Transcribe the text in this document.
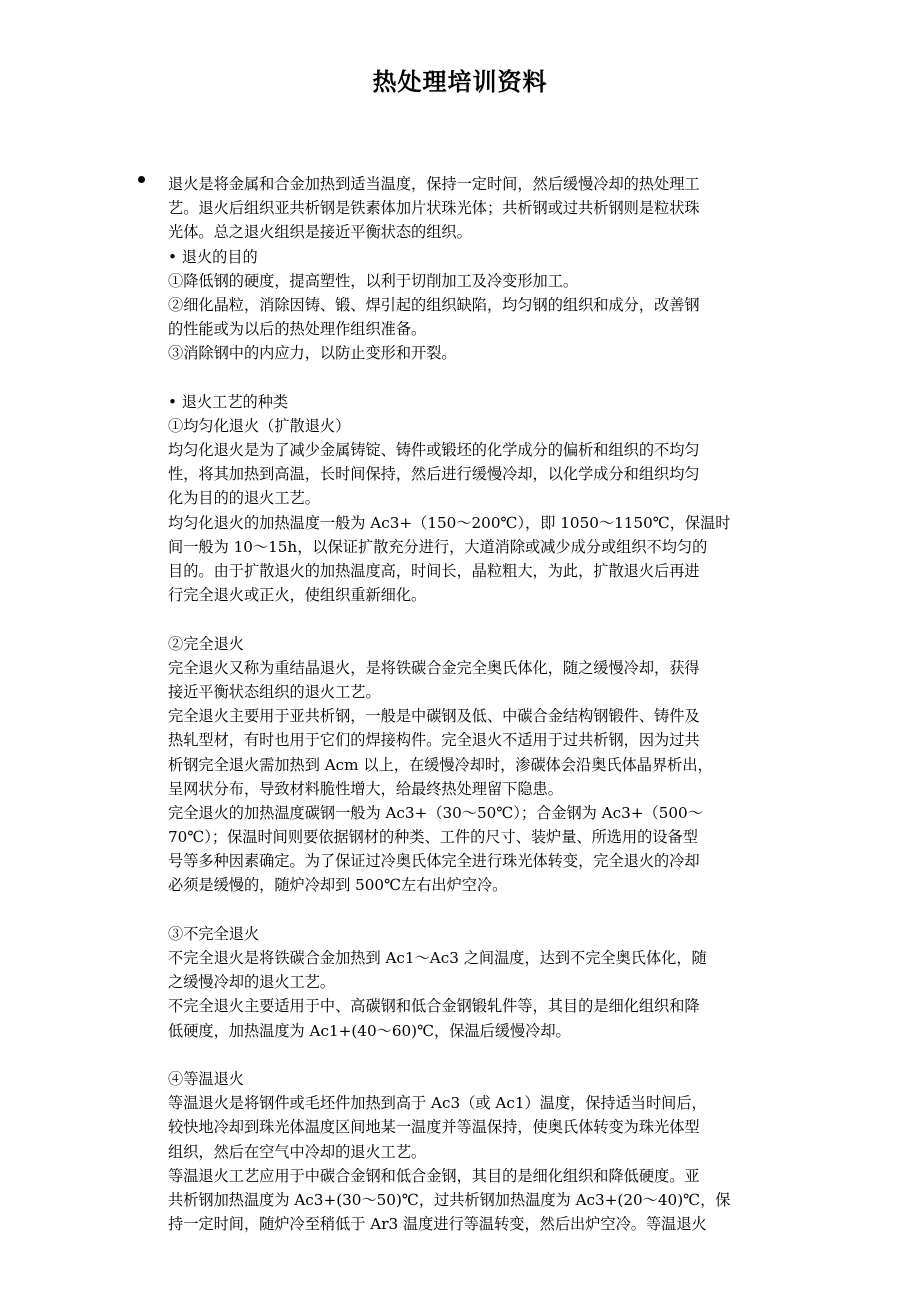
热处理培训资料
退火是将金属和合金加热到适当温度，保持一定时间，然后缓慢冷却的热处理工
艺。退火后组织亚共析钢是铁素体加片状珠光体；共析钢或过共析钢则是粒状珠
光体。总之退火组织是接近平衡状态的组织。
• 退火的目的
①降低钢的硬度，提高塑性，以利于切削加工及冷变形加工。
②细化晶粒，消除因铸、锻、焊引起的组织缺陷，均匀钢的组织和成分，改善钢
的性能或为以后的热处理作组织准备。
③消除钢中的内应力，以防止变形和开裂。
• 退火工艺的种类
①均匀化退火（扩散退火）
均匀化退火是为了减少金属铸锭、铸件或锻坯的化学成分的偏析和组织的不均匀
性，将其加热到高温，长时间保持，然后进行缓慢冷却，以化学成分和组织均匀
化为目的的退火工艺。
均匀化退火的加热温度一般为 Ac3+（150～200℃），即 1050～1150℃，保温时
间一般为 10～15h，以保证扩散充分进行，大道消除或减少成分或组织不均匀的
目的。由于扩散退火的加热温度高，时间长，晶粒粗大，为此，扩散退火后再进
行完全退火或正火，使组织重新细化。
②完全退火
完全退火又称为重结晶退火，是将铁碳合金完全奥氏体化，随之缓慢冷却，获得
接近平衡状态组织的退火工艺。
完全退火主要用于亚共析钢，一般是中碳钢及低、中碳合金结构钢锻件、铸件及
热轧型材，有时也用于它们的焊接构件。完全退火不适用于过共析钢，因为过共
析钢完全退火需加热到 Acm 以上，在缓慢冷却时，渗碳体会沿奥氏体晶界析出，
呈网状分布，导致材料脆性增大，给最终热处理留下隐患。
完全退火的加热温度碳钢一般为 Ac3+（30～50℃）；合金钢为 Ac3+（500～
70℃）；保温时间则要依据钢材的种类、工件的尺寸、装炉量、所选用的设备型
号等多种因素确定。为了保证过冷奥氏体完全进行珠光体转变，完全退火的冷却
必须是缓慢的，随炉冷却到 500℃左右出炉空冷。
③不完全退火
不完全退火是将铁碳合金加热到 Ac1～Ac3 之间温度，达到不完全奥氏体化，随
之缓慢冷却的退火工艺。
不完全退火主要适用于中、高碳钢和低合金钢锻轧件等，其目的是细化组织和降
低硬度，加热温度为 Ac1+(40～60)℃，保温后缓慢冷却。
④等温退火
等温退火是将钢件或毛坯件加热到高于 Ac3（或 Ac1）温度，保持适当时间后，
较快地冷却到珠光体温度区间地某一温度并等温保持，使奥氏体转变为珠光体型
组织，然后在空气中冷却的退火工艺。
等温退火工艺应用于中碳合金钢和低合金钢，其目的是细化组织和降低硬度。亚
共析钢加热温度为 Ac3+(30～50)℃，过共析钢加热温度为 Ac3+(20～40)℃，保
持一定时间，随炉冷至稍低于 Ar3 温度进行等温转变，然后出炉空冷。等温退火
